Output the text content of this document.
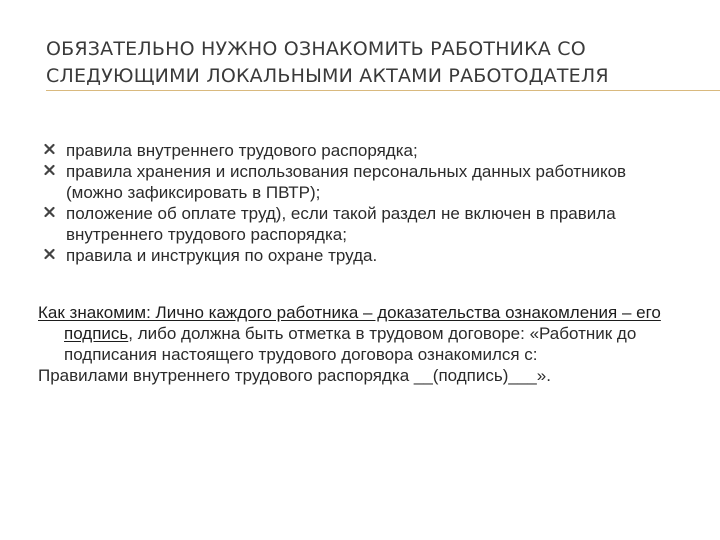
ОБЯЗАТЕЛЬНО НУЖНО ОЗНАКОМИТЬ РАБОТНИКА СО
СЛЕДУЮЩИМИ ЛОКАЛЬНЫМИ АКТАМИ РАБОТОДАТЕЛЯ
правила внутреннего трудового распорядка;
правила хранения и использования персональных данных работников (можно зафиксировать в ПВТР);
положение об оплате труд), если такой раздел не включен в правила внутреннего трудового распорядка;
правила и инструкция по охране труда.

Как знакомим: Лично каждого работника – доказательства ознакомления – его подпись, либо должна быть отметка в трудовом договоре: «Работник до подписания настоящего трудового договора ознакомился с:

Правилами внутреннего трудового распорядка __(подпись)___».
